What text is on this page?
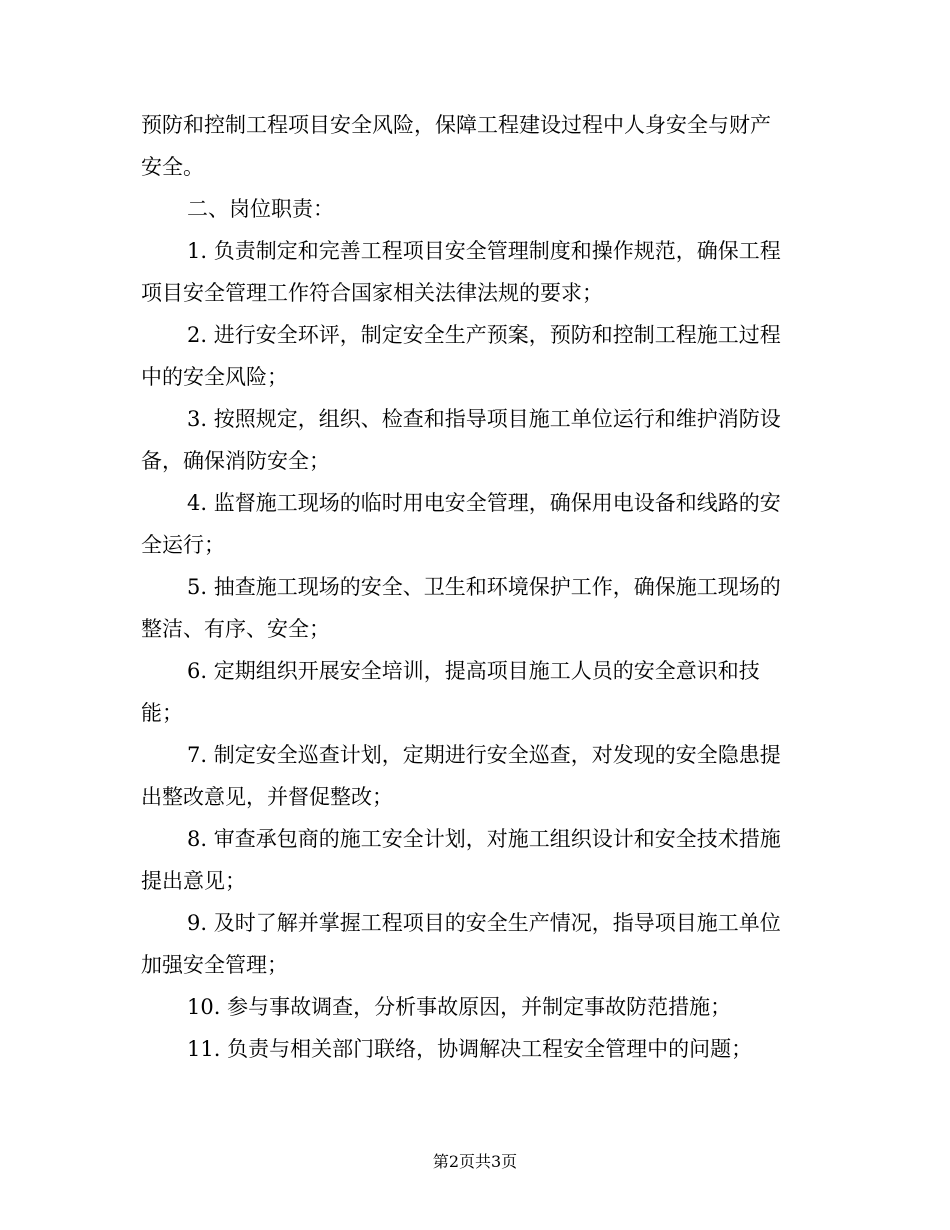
预防和控制工程项目安全风险，保障工程建设过程中人身安全与财产
安全。
二、岗位职责：
1. 负责制定和完善工程项目安全管理制度和操作规范，确保工程
项目安全管理工作符合国家相关法律法规的要求；
2. 进行安全环评，制定安全生产预案，预防和控制工程施工过程
中的安全风险；
3. 按照规定，组织、检查和指导项目施工单位运行和维护消防设
备，确保消防安全；
4. 监督施工现场的临时用电安全管理，确保用电设备和线路的安
全运行；
5. 抽查施工现场的安全、卫生和环境保护工作，确保施工现场的
整洁、有序、安全；
6. 定期组织开展安全培训，提高项目施工人员的安全意识和技
能；
7. 制定安全巡查计划，定期进行安全巡查，对发现的安全隐患提
出整改意见，并督促整改；
8. 审查承包商的施工安全计划，对施工组织设计和安全技术措施
提出意见；
9. 及时了解并掌握工程项目的安全生产情况，指导项目施工单位
加强安全管理；
10. 参与事故调查，分析事故原因，并制定事故防范措施；
11. 负责与相关部门联络，协调解决工程安全管理中的问题；
第2页共3页
